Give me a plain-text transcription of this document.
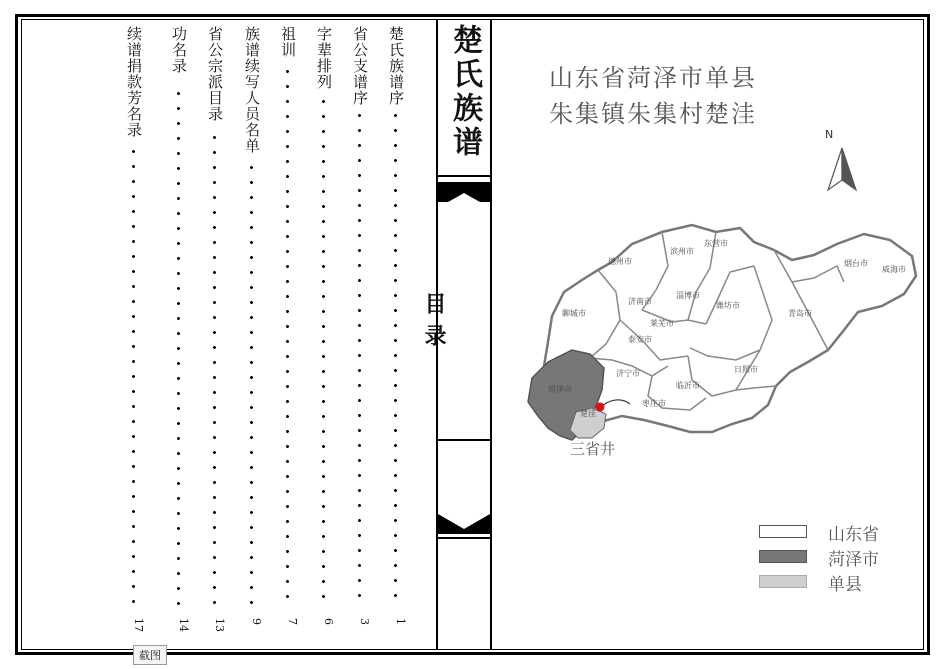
目录
楚氏族谱序
1
省公支谱序
3
字辈排列
6
祖训
7
族谱续写人员名单
9
省公宗派目录
13
功名录
14
续谱捐款芳名录
17
楚氏族谱	山东省菏泽市单县
朱集镇朱集村楚洼
德州市
滨州市
东营市
烟台市
威海市
聊城市
济南市
淄博市
潍坊市
莱芜市
泰安市
青岛市
济宁市	日照市
临沂市
枣庄市
菏泽市
楚洼
N
三省井
山东省
菏泽市
单县
截图
